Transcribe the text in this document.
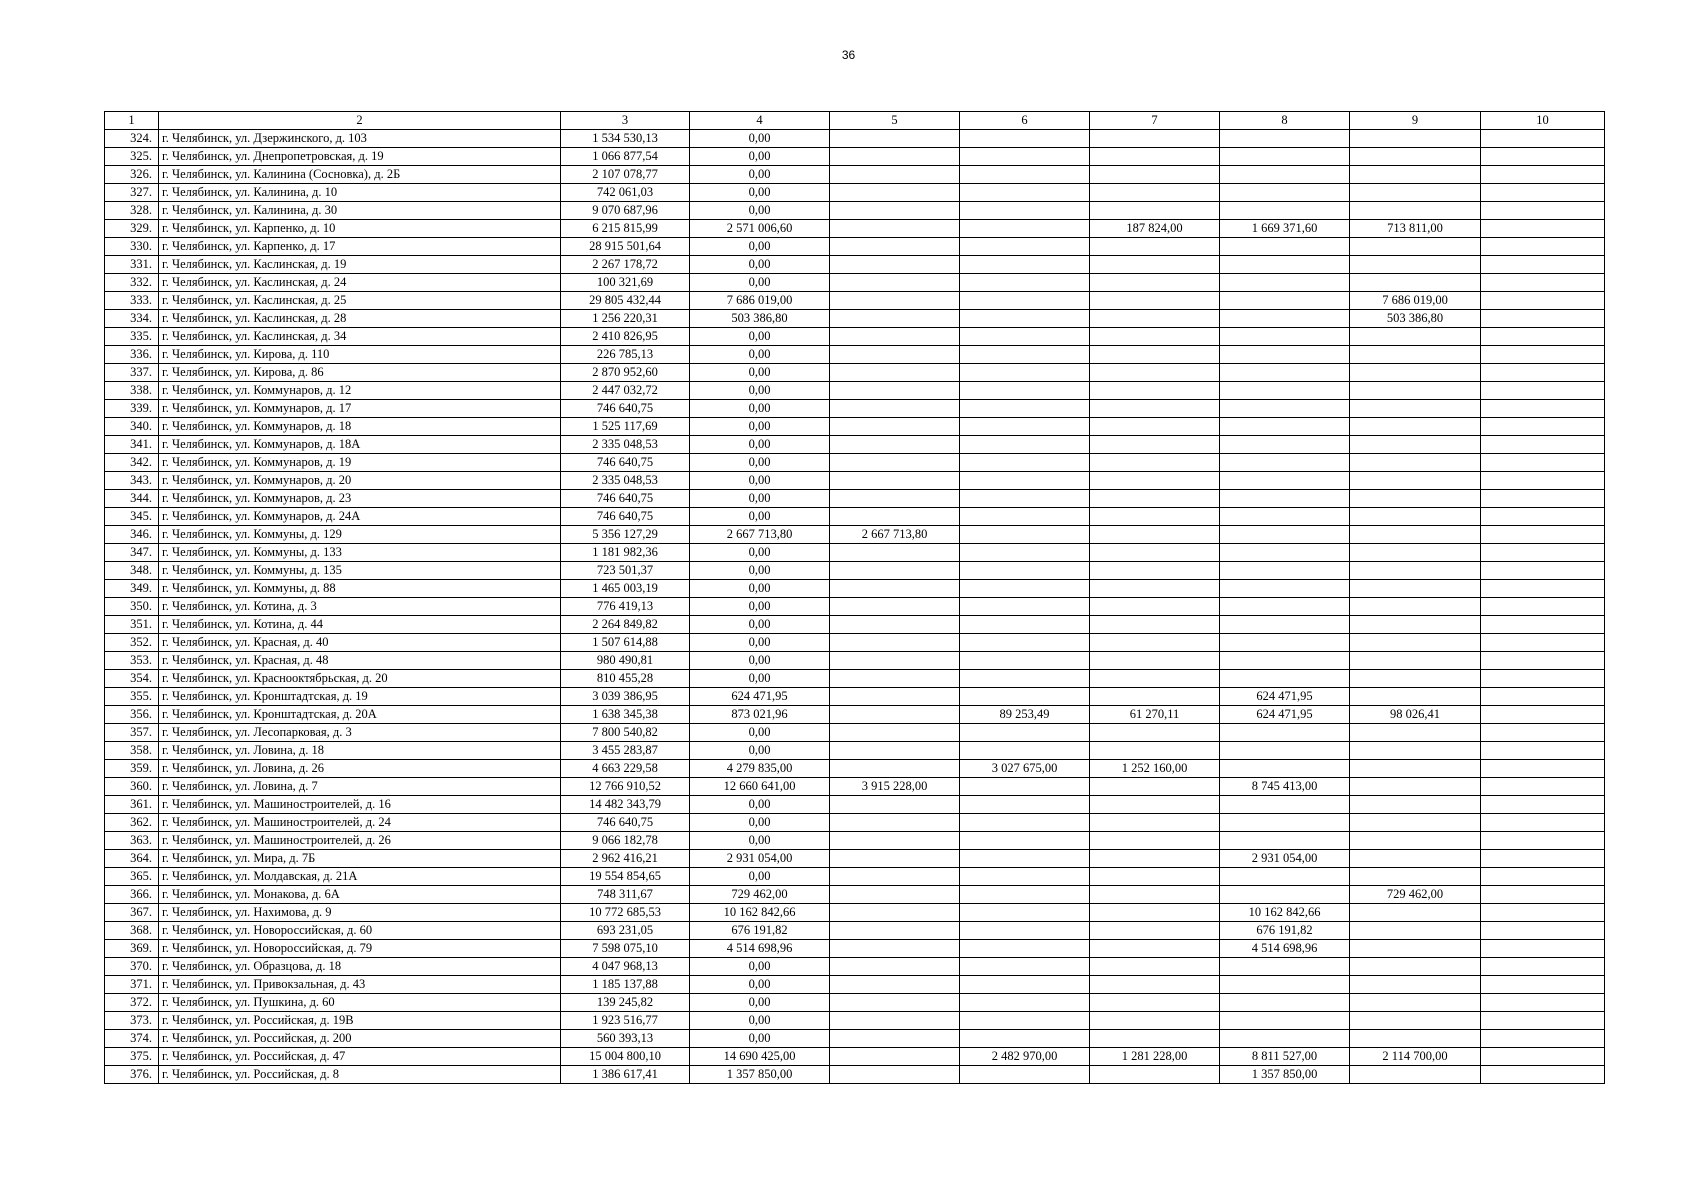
36
1	2	3	4	5	6	7	8	9	10
324.	г. Челябинск, ул. Дзержинского, д. 103	1 534 530,13	0,00						
325.	г. Челябинск, ул. Днепропетровская, д. 19	1 066 877,54	0,00						
326.	г. Челябинск, ул. Калинина (Сосновка), д. 2Б	2 107 078,77	0,00						
327.	г. Челябинск, ул. Калинина, д. 10	742 061,03	0,00						
328.	г. Челябинск, ул. Калинина, д. 30	9 070 687,96	0,00						
329.	г. Челябинск, ул. Карпенко, д. 10	6 215 815,99	2 571 006,60			187 824,00	1 669 371,60	713 811,00	
330.	г. Челябинск, ул. Карпенко, д. 17	28 915 501,64	0,00						
331.	г. Челябинск, ул. Каслинская, д. 19	2 267 178,72	0,00						
332.	г. Челябинск, ул. Каслинская, д. 24	100 321,69	0,00						
333.	г. Челябинск, ул. Каслинская, д. 25	29 805 432,44	7 686 019,00					7 686 019,00	
334.	г. Челябинск, ул. Каслинская, д. 28	1 256 220,31	503 386,80					503 386,80	
335.	г. Челябинск, ул. Каслинская, д. 34	2 410 826,95	0,00						
336.	г. Челябинск, ул. Кирова, д. 110	226 785,13	0,00						
337.	г. Челябинск, ул. Кирова, д. 86	2 870 952,60	0,00						
338.	г. Челябинск, ул. Коммунаров, д. 12	2 447 032,72	0,00						
339.	г. Челябинск, ул. Коммунаров, д. 17	746 640,75	0,00						
340.	г. Челябинск, ул. Коммунаров, д. 18	1 525 117,69	0,00						
341.	г. Челябинск, ул. Коммунаров, д. 18А	2 335 048,53	0,00						
342.	г. Челябинск, ул. Коммунаров, д. 19	746 640,75	0,00						
343.	г. Челябинск, ул. Коммунаров, д. 20	2 335 048,53	0,00						
344.	г. Челябинск, ул. Коммунаров, д. 23	746 640,75	0,00						
345.	г. Челябинск, ул. Коммунаров, д. 24А	746 640,75	0,00						
346.	г. Челябинск, ул. Коммуны, д. 129	5 356 127,29	2 667 713,80	2 667 713,80					
347.	г. Челябинск, ул. Коммуны, д. 133	1 181 982,36	0,00						
348.	г. Челябинск, ул. Коммуны, д. 135	723 501,37	0,00						
349.	г. Челябинск, ул. Коммуны, д. 88	1 465 003,19	0,00						
350.	г. Челябинск, ул. Котина, д. 3	776 419,13	0,00						
351.	г. Челябинск, ул. Котина, д. 44	2 264 849,82	0,00						
352.	г. Челябинск, ул. Красная, д. 40	1 507 614,88	0,00						
353.	г. Челябинск, ул. Красная, д. 48	980 490,81	0,00						
354.	г. Челябинск, ул. Краснооктябрьская, д. 20	810 455,28	0,00						
355.	г. Челябинск, ул. Кронштадтская, д. 19	3 039 386,95	624 471,95				624 471,95		
356.	г. Челябинск, ул. Кронштадтская, д. 20А	1 638 345,38	873 021,96		89 253,49	61 270,11	624 471,95	98 026,41	
357.	г. Челябинск, ул. Лесопарковая, д. 3	7 800 540,82	0,00						
358.	г. Челябинск, ул. Ловина, д. 18	3 455 283,87	0,00						
359.	г. Челябинск, ул. Ловина, д. 26	4 663 229,58	4 279 835,00		3 027 675,00	1 252 160,00			
360.	г. Челябинск, ул. Ловина, д. 7	12 766 910,52	12 660 641,00	3 915 228,00			8 745 413,00		
361.	г. Челябинск, ул. Машиностроителей, д. 16	14 482 343,79	0,00						
362.	г. Челябинск, ул. Машиностроителей, д. 24	746 640,75	0,00						
363.	г. Челябинск, ул. Машиностроителей, д. 26	9 066 182,78	0,00						
364.	г. Челябинск, ул. Мира, д. 7Б	2 962 416,21	2 931 054,00				2 931 054,00		
365.	г. Челябинск, ул. Молдавская, д. 21А	19 554 854,65	0,00						
366.	г. Челябинск, ул. Монакова, д. 6А	748 311,67	729 462,00					729 462,00	
367.	г. Челябинск, ул. Нахимова, д. 9	10 772 685,53	10 162 842,66				10 162 842,66		
368.	г. Челябинск, ул. Новороссийская, д. 60	693 231,05	676 191,82				676 191,82		
369.	г. Челябинск, ул. Новороссийская, д. 79	7 598 075,10	4 514 698,96				4 514 698,96		
370.	г. Челябинск, ул. Образцова, д. 18	4 047 968,13	0,00						
371.	г. Челябинск, ул. Привокзальная, д. 43	1 185 137,88	0,00						
372.	г. Челябинск, ул. Пушкина, д. 60	139 245,82	0,00						
373.	г. Челябинск, ул. Российская, д. 19В	1 923 516,77	0,00						
374.	г. Челябинск, ул. Российская, д. 200	560 393,13	0,00						
375.	г. Челябинск, ул. Российская, д. 47	15 004 800,10	14 690 425,00		2 482 970,00	1 281 228,00	8 811 527,00	2 114 700,00	
376.	г. Челябинск, ул. Российская, д. 8	1 386 617,41	1 357 850,00				1 357 850,00		
